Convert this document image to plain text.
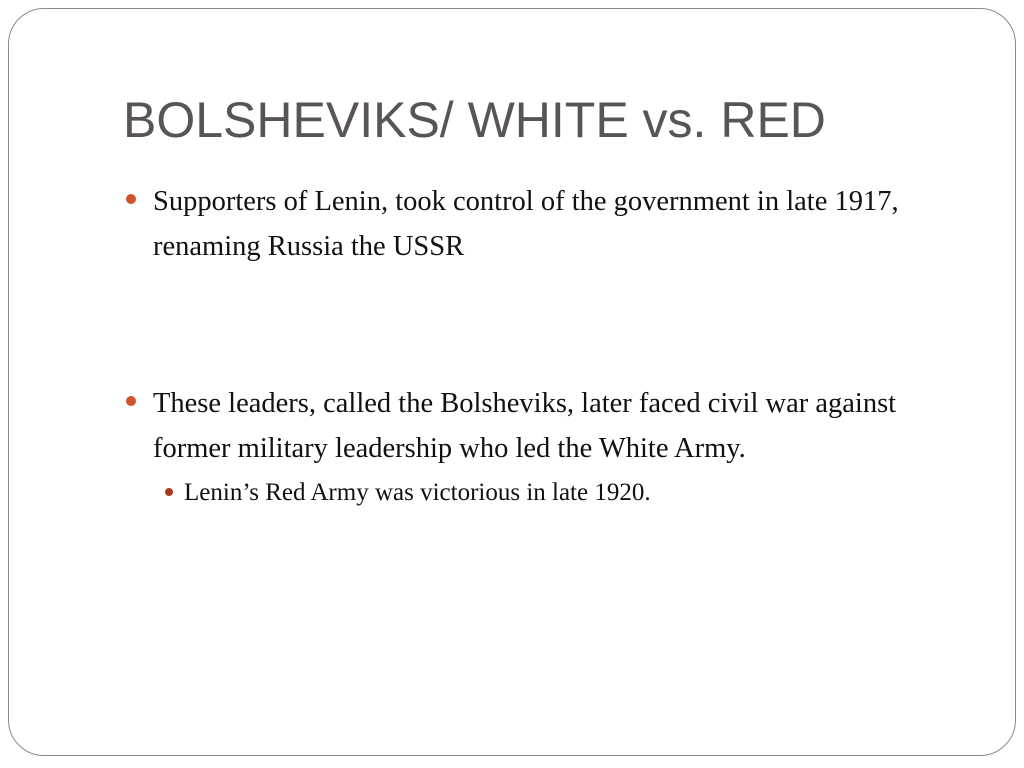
BOLSHEVIKS/ WHITE vs. RED
Supporters of Lenin, took control of the government in late 1917, renaming Russia the USSR
These leaders, called the Bolsheviks, later faced civil war against former military leadership who led the White Army.
Lenin’s Red Army was victorious in late 1920.
